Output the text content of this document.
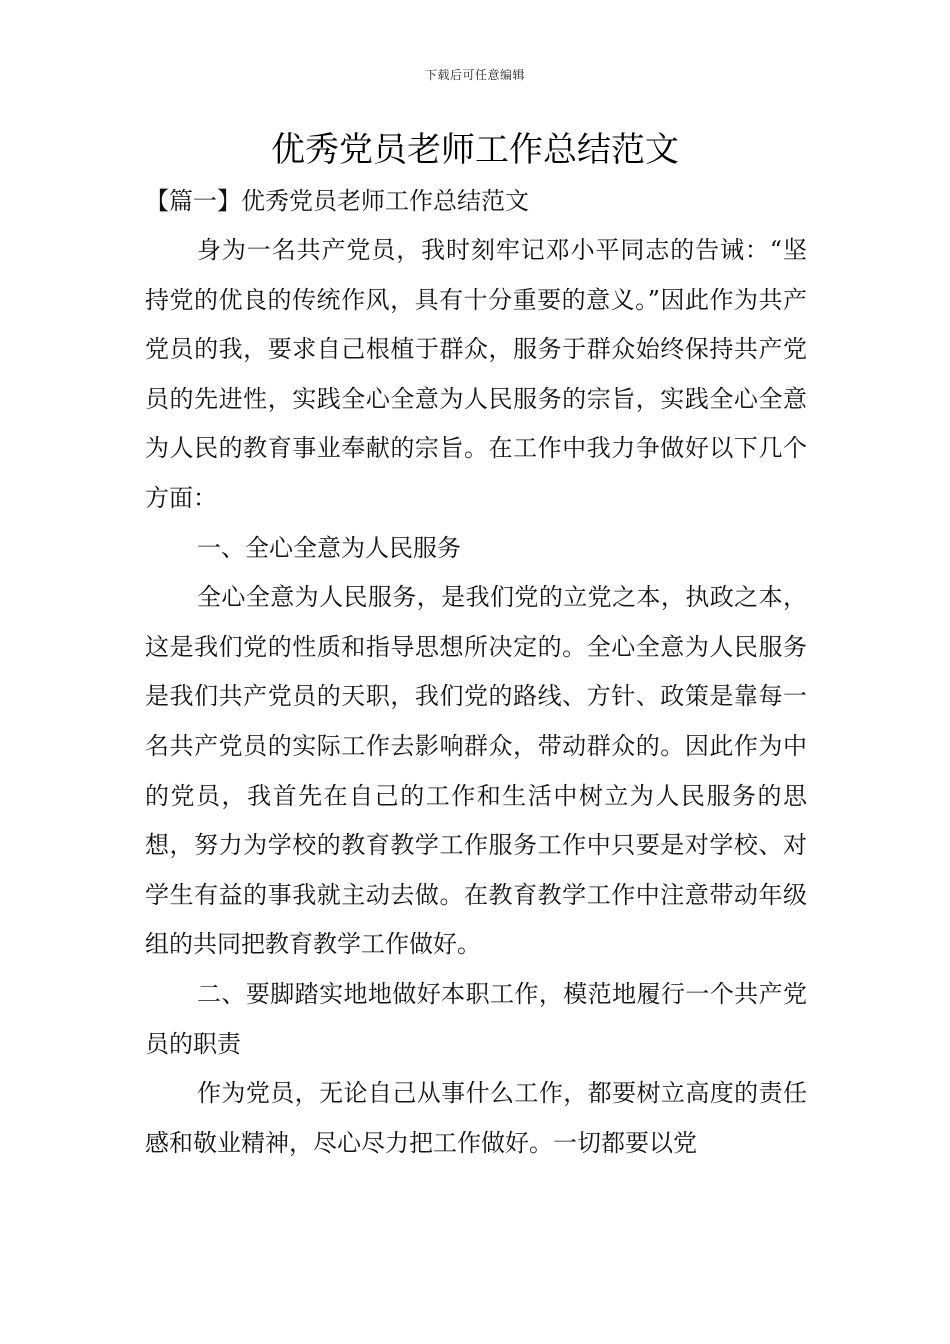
下载后可任意编辑
优秀党员老师工作总结范文
【篇一】优秀党员老师工作总结范文

身为一名共产党员，我时刻牢记邓小平同志的告诫：“坚持党的优良的传统作风，具有十分重要的意义。”因此作为共产党员的我，要求自己根植于群众，服务于群众始终保持共产党员的先进性，实践全心全意为人民服务的宗旨，实践全心全意为人民的教育事业奉献的宗旨。在工作中我力争做好以下几个方面：

一、全心全意为人民服务

全心全意为人民服务，是我们党的立党之本，执政之本，这是我们党的性质和指导思想所决定的。全心全意为人民服务是我们共产党员的天职，我们党的路线、方针、政策是靠每一名共产党员的实际工作去影响群众，带动群众的。因此作为中的党员，我首先在自己的工作和生活中树立为人民服务的思想，努力为学校的教育教学工作服务工作中只要是对学校、对学生有益的事我就主动去做。在教育教学工作中注意带动年级组的共同把教育教学工作做好。

二、要脚踏实地地做好本职工作，模范地履行一个共产党员的职责

作为党员，无论自己从事什么工作，都要树立高度的责任感和敬业精神，尽心尽力把工作做好。一切都要以党
